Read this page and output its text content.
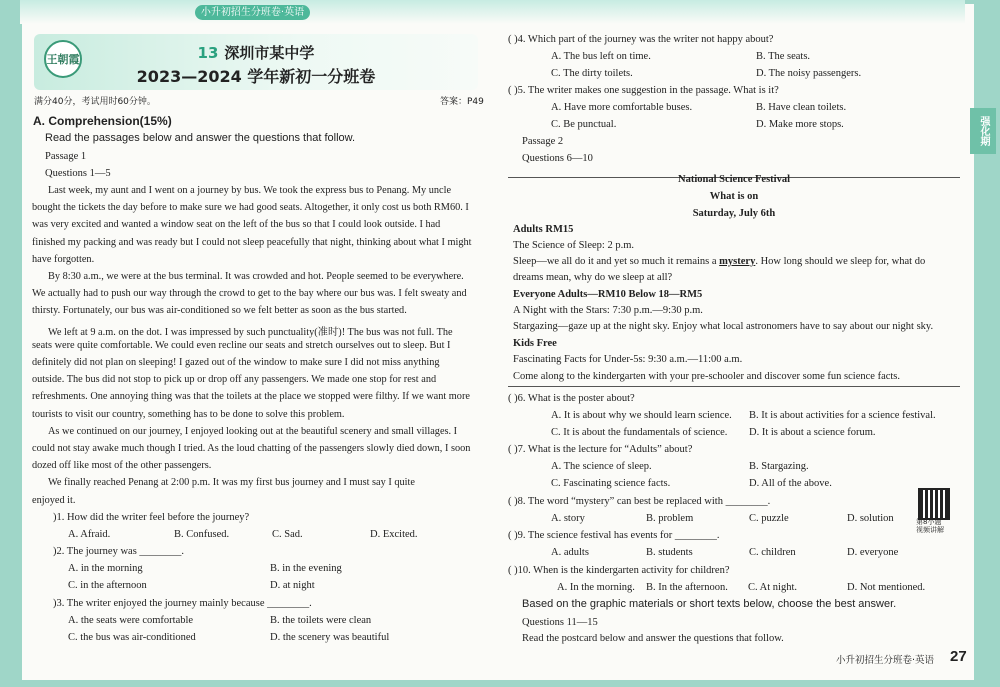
小升初招生分班卷·英语
王朝霞	13 深圳市某中学
2023—2024 学年新初一分班卷
满分40分，考试用时60分钟。	答案：P49
A. Comprehension(15%)
Read the passages below and answer the questions that follow.
Passage 1
Questions 1—5
Last week, my aunt and I went on a journey by bus. We took the express bus to Penang. My uncle
bought the tickets the day before to make sure we had good seats. Altogether, it only cost us both RM60. I
was very excited and wanted a window seat on the left of the bus so that I could look outside. I had
finished my packing and was ready but I could not sleep peacefully that night, thinking about what I might
have forgotten.
By 8:30 a.m., we were at the bus terminal. It was crowded and hot. People seemed to be everywhere.
We actually had to push our way through the crowd to get to the bay where our bus was. I felt sweaty and
thirsty. Fortunately, our bus was air-conditioned so we felt better as soon as the bus started.
We left at 9 a.m. on the dot. I was impressed by such punctuality(准时)! The bus was not full. The
seats were quite comfortable. We could even recline our seats and stretch ourselves out to sleep. But I
definitely did not plan on sleeping! I gazed out of the window to make sure I did not miss anything
outside. The bus did not stop to pick up or drop off any passengers. We made one stop for rest and
refreshments. One annoying thing was that the toilets at the place we stopped were filthy. If we want more
tourists to visit our country, something has to be done to solve this problem.
As we continued on our journey, I enjoyed looking out at the beautiful scenery and small villages. I
could not stay awake much though I tried. As the loud chatting of the passengers slowly died down, I soon
dozed off like most of the other passengers.
We finally reached Penang at 2:00 p.m. It was my first bus journey and I must say I quite
enjoyed it.
)1. How did the writer feel before the journey?
A. Afraid.	B. Confused.	C. Sad.	D. Excited.
)2. The journey was ________.
A. in the morning	B. in the evening
C. in the afternoon	D. at night
)3. The writer enjoyed the journey mainly because ________.
A. the seats were comfortable	B. the toilets were clean
C. the bus was air-conditioned	D. the scenery was beautiful
( )4. Which part of the journey was the writer not happy about?
A. The bus left on time.	B. The seats.
C. The dirty toilets.	D. The noisy passengers.
( )5. The writer makes one suggestion in the passage. What is it?
A. Have more comfortable buses.	B. Have clean toilets.
C. Be punctual.	D. Make more stops.
Passage 2
Questions 6—10
National Science Festival
What is on
Saturday, July 6th
Adults RM15
The Science of Sleep: 2 p.m.
Sleep—we all do it and yet so much it remains a mystery. How long should we sleep for, what do
dreams mean, why do we sleep at all?
Everyone Adults—RM10 Below 18—RM5
A Night with the Stars: 7:30 p.m.—9:30 p.m.
Stargazing—gaze up at the night sky. Enjoy what local astronomers have to say about our night sky.
Kids Free
Fascinating Facts for Under-5s: 9:30 a.m.—11:00 a.m.
Come along to the kindergarten with your pre-schooler and discover some fun science facts.
( )6. What is the poster about?
A. It is about why we should learn science. B. It is about activities for a science festival.
C. It is about the fundamentals of science. D. It is about a science forum.
( )7. What is the lecture for “Adults” about?
A. The science of sleep.	B. Stargazing.
C. Fascinating science facts.	D. All of the above.
( )8. The word “mystery” can best be replaced with ________.
A. story	B. problem	C. puzzle	D. solution
( )9. The science festival has events for ________.
A. adults	B. students	C. children	D. everyone
( )10. When is the kindergarten activity for children?
A. In the morning. B. In the afternoon. C. At night.	D. Not mentioned.
第8小题
视频讲解
Based on the graphic materials or short texts below, choose the best answer.
Questions 11—15
Read the postcard below and answer the questions that follow.
强化期
小升初招生分班卷·英语 27
